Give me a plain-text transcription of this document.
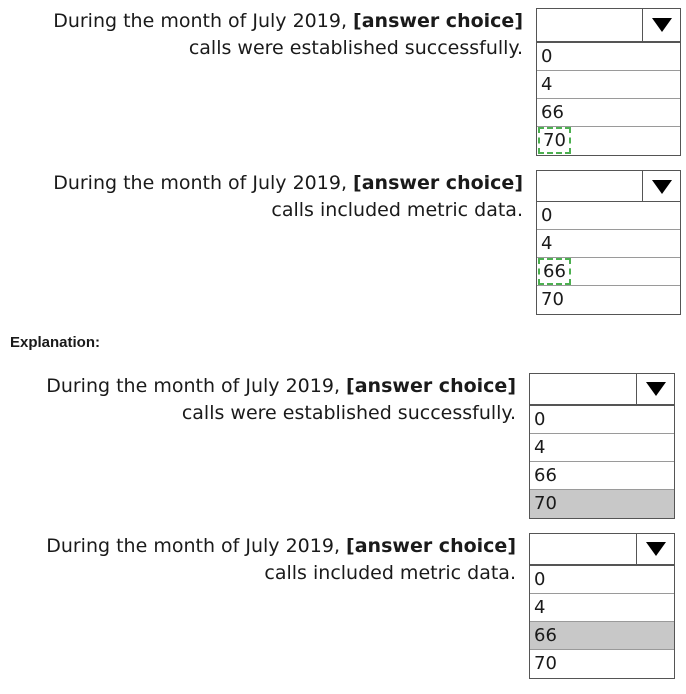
During the month of July 2019, [answer choice]
calls were established successfully. 0
4
66
70
During the month of July 2019, [answer choice]
calls included metric data. 0
4
66
70
Explanation:
During the month of July 2019, [answer choice]
calls were established successfully. 0
4
66
70
During the month of July 2019, [answer choice]
calls included metric data. 0
4
66
70
